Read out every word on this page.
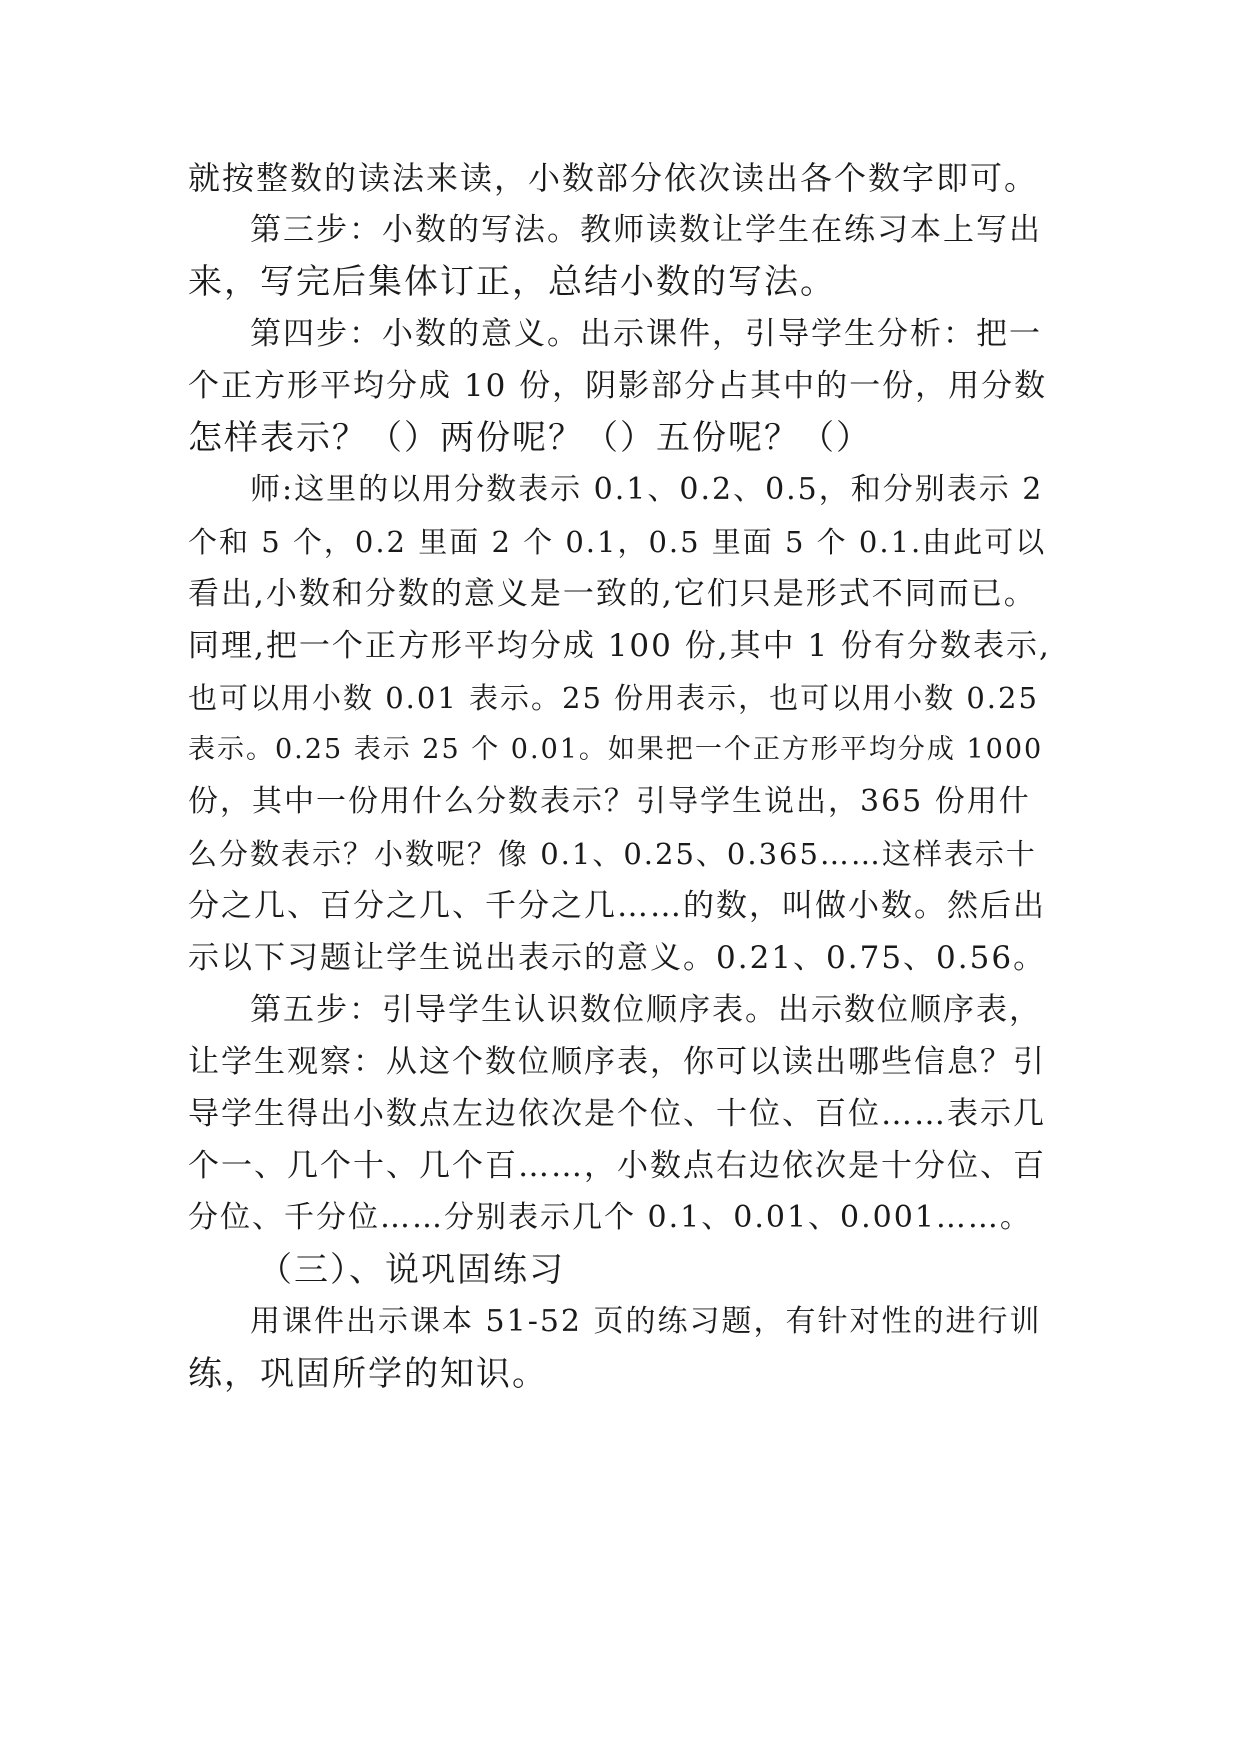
就按整数的读法来读，小数部分依次读出各个数字即可。
第三步：小数的写法。教师读数让学生在练习本上写出
来，写完后集体订正，总结小数的写法。
第四步：小数的意义。出示课件，引导学生分析：把一
个正方形平均分成 10 份，阴影部分占其中的一份，用分数
怎样表示？（）两份呢？（）五份呢？（）
师:这里的以用分数表示 0.1、0.2、0.5，和分别表示 2
个和 5 个，0.2 里面 2 个 0.1，0.5 里面 5 个 0.1.由此可以
看出,小数和分数的意义是一致的,它们只是形式不同而已。
同理,把一个正方形平均分成 100 份,其中 1 份有分数表示,
也可以用小数 0.01 表示。25 份用表示，也可以用小数 0.25
表示。0.25 表示 25 个 0.01。如果把一个正方形平均分成 1000
份，其中一份用什么分数表示？引导学生说出，365 份用什
么分数表示？小数呢？像 0.1、0.25、0.365……这样表示十
分之几、百分之几、千分之几……的数，叫做小数。然后出
示以下习题让学生说出表示的意义。0.21、0.75、0.56。
第五步：引导学生认识数位顺序表。出示数位顺序表，
让学生观察：从这个数位顺序表，你可以读出哪些信息？引
导学生得出小数点左边依次是个位、十位、百位……表示几
个一、几个十、几个百……，小数点右边依次是十分位、百
分位、千分位……分别表示几个 0.1、0.01、0.001……。
（三）、说巩固练习
用课件出示课本 51-52 页的练习题，有针对性的进行训
练，巩固所学的知识。
